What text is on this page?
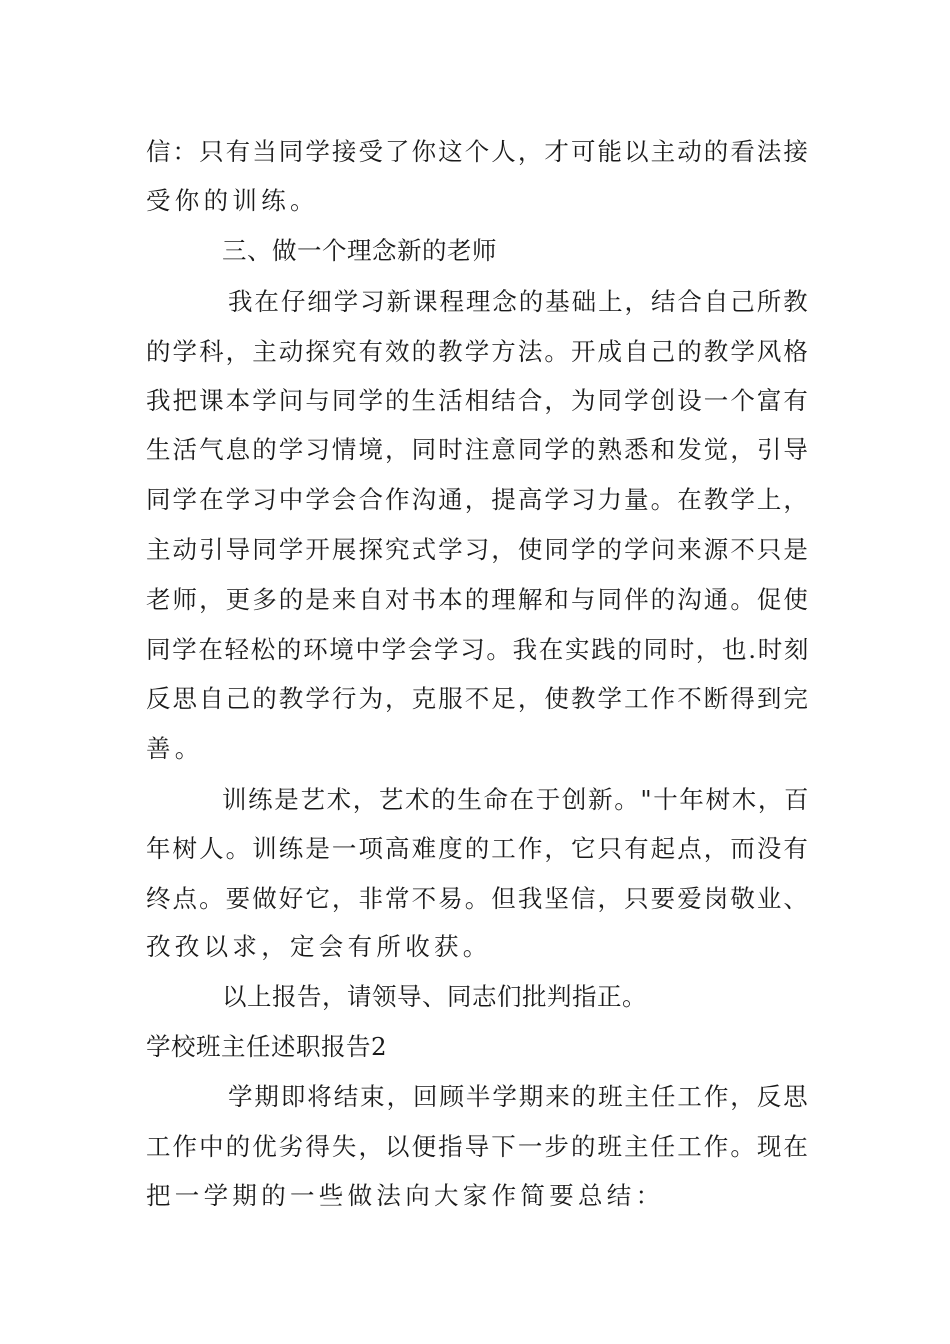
信：只有当同学接受了你这个人，才可能以主动的看法接
受你的训练。
三、做一个理念新的老师
我在仔细学习新课程理念的基础上，结合自己所教
的学科，主动探究有效的教学方法。开成自己的教学风格
我把课本学问与同学的生活相结合，为同学创设一个富有
生活气息的学习情境，同时注意同学的熟悉和发觉，引导
同学在学习中学会合作沟通，提高学习力量。在教学上，
主动引导同学开展探究式学习，使同学的学问来源不只是
老师，更多的是来自对书本的理解和与同伴的沟通。促使
同学在轻松的环境中学会学习。我在实践的同时，也.时刻
反思自己的教学行为，克服不足，使教学工作不断得到完
善。
训练是艺术，艺术的生命在于创新。"十年树木，百
年树人。训练是一项高难度的工作，它只有起点，而没有
终点。要做好它，非常不易。但我坚信，只要爱岗敬业、
孜孜以求，定会有所收获。
以上报告，请领导、同志们批判指正。
学校班主任述职报告2
学期即将结束，回顾半学期来的班主任工作，反思
工作中的优劣得失，以便指导下一步的班主任工作。现在
把一学期的一些做法向大家作简要总结：
